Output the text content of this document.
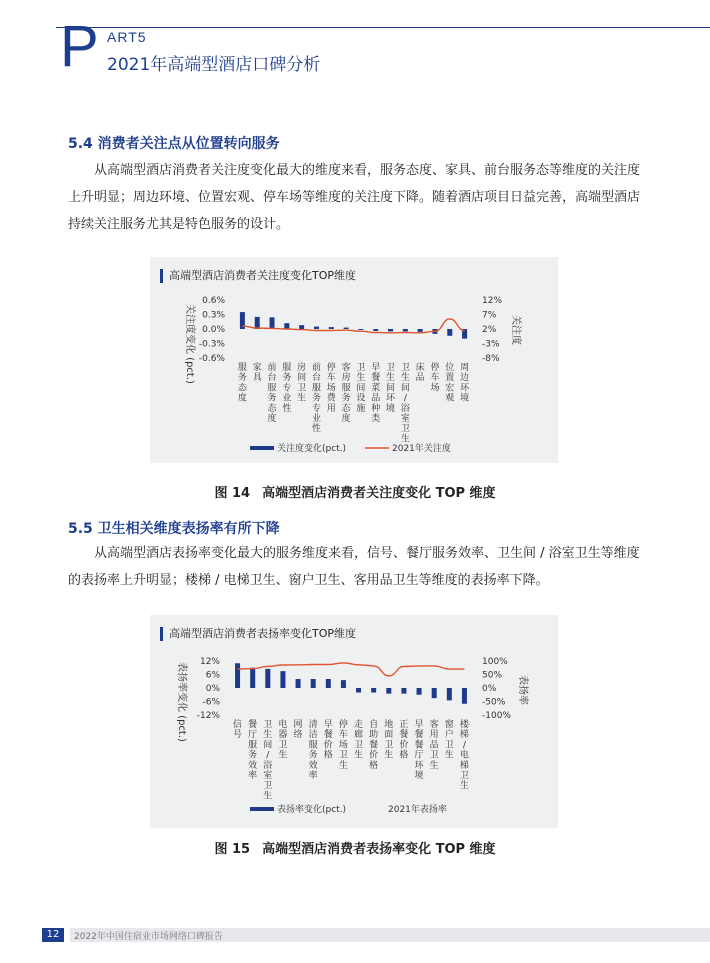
P ART5
2021年高端型酒店口碑分析
5.4 消费者关注点从位置转向服务

从高端型酒店消费者关注度变化最大的维度来看，服务态度、家具、前台服务态等维度的关注度上升明显；周边环境、位置宏观、停车场等维度的关注度下降。随着酒店项目日益完善，高端型酒店持续关注服务尤其是特色服务的设计。

高端型酒店消费者关注度变化TOP维度
关注度变化 (pct.)	关注度
0.6%
0.3%
0.0%
-0.3%
-0.6%
12%
7%
2%
-3%
-8%
服务态度
家具
前台服务态度
服务专业性
房间卫生
前台服务专业性
停车场费用
客房服务态度
卫生间设施
早餐菜品种类
卫生间环境
卫生间/浴室卫生
床品
停车场
位置宏观
周边环境
关注度变化(pct.)	2021年关注度
图 14 高端型酒店消费者关注度变化 TOP 维度
5.5 卫生相关维度表扬率有所下降

从高端型酒店表扬率变化最大的服务维度来看，信号、餐厅服务效率、卫生间 / 浴室卫生等维度的表扬率上升明显；楼梯 / 电梯卫生、窗户卫生、客用品卫生等维度的表扬率下降。

高端型酒店消费者表扬率变化TOP维度
表扬率变化 (pct.)	表扬率
12%
6%
0%
-6%
-12%
100%
50%
0%
-50%
-100%
信号
餐厅服务效率
卫生间/浴室卫生
电器卫生
网络
清洁服务效率
早餐价格
停车场卫生
走廊卫生
自助餐价格
地面卫生
正餐价格
早餐餐厅环境
客用品卫生
窗户卫生
楼梯/电梯卫生
表扬率变化(pct.)	2021年表扬率
图 15 高端型酒店消费者表扬率变化 TOP 维度
12	2022年中国住宿业市场网络口碑报告
